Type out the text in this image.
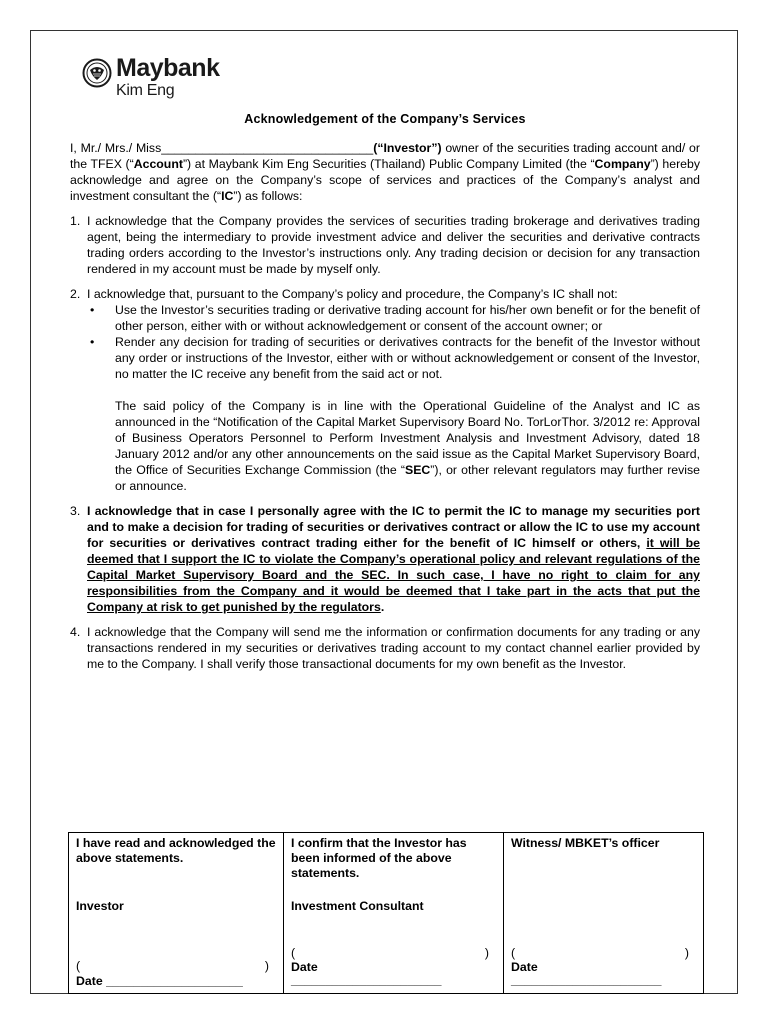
Maybank
Kim Eng
Acknowledgement of the Company’s Services

I, Mr./ Mrs./ Miss_______________________________(“Investor”) owner of the securities trading account and/ or the TFEX (“Account”) at Maybank Kim Eng Securities (Thailand) Public Company Limited (the “Company”) hereby acknowledge and agree on the Company’s scope of services and practices of the Company’s analyst and investment consultant the (“IC”) as follows:

1. I acknowledge that the Company provides the services of securities trading brokerage and derivatives trading agent, being the intermediary to provide investment advice and deliver the securities and derivative contracts trading orders according to the Investor’s instructions only. Any trading decision or decision for any transaction rendered in my account must be made by myself only.
2. I acknowledge that, pursuant to the Company’s policy and procedure, the Company’s IC shall not:
• Use the Investor’s securities trading or derivative trading account for his/her own benefit or for the benefit of other person, either with or without acknowledgement or consent of the account owner; or
• Render any decision for trading of securities or derivatives contracts for the benefit of the Investor without any order or instructions of the Investor, either with or without acknowledgement or consent of the Investor, no matter the IC receive any benefit from the said act or not.
The said policy of the Company is in line with the Operational Guideline of the Analyst and IC as announced in the “Notification of the Capital Market Supervisory Board No. TorLorThor. 3/2012 re: Approval of Business Operators Personnel to Perform Investment Analysis and Investment Advisory, dated 18 January 2012 and/or any other announcements on the said issue as the Capital Market Supervisory Board, the Office of Securities Exchange Commission (the “SEC”), or other relevant regulators may further revise or announce.
3. I acknowledge that in case I personally agree with the IC to permit the IC to manage my securities port and to make a decision for trading of securities or derivatives contract or allow the IC to use my account for securities or derivatives contract trading either for the benefit of IC himself or others, it will be deemed that I support the IC to violate the Company’s operational policy and relevant regulations of the Capital Market Supervisory Board and the SEC. In such case, I have no right to claim for any responsibilities from the Company and it would be deemed that I take part in the acts that put the Company at risk to get punished by the regulators.
4. I acknowledge that the Company will send me the information or confirmation documents for any trading or any transactions rendered in my securities or derivatives trading account to my contact channel earlier provided by me to the Company. I shall verify those transactional documents for my own benefit as the Investor.
I have read and acknowledged the above statements.
Investor
(	)
Date ____________________

I confirm that the Investor has been informed of the above statements.
Investment Consultant
(	)
Date
______________________

Witness/ MBKET’s officer
(	)
Date
______________________
